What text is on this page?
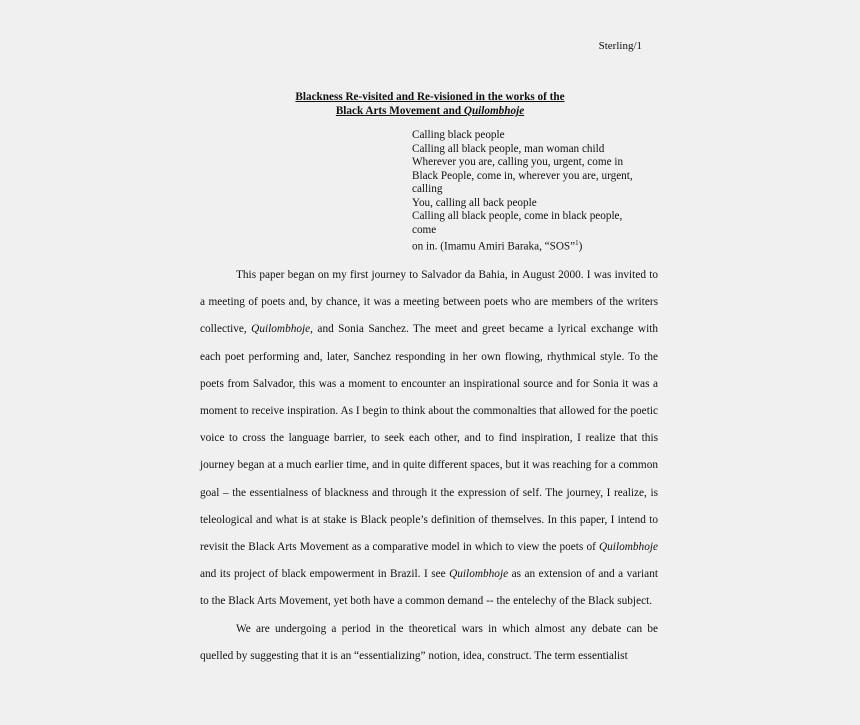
Sterling/1
Blackness Re-visited and Re-visioned in the works of the
Black Arts Movement and Quilombhoje
Calling black people
Calling all black people, man woman child
Wherever you are, calling you, urgent, come in
Black People, come in, wherever you are, urgent,
calling
You, calling all back people
Calling all black people, come in black people,
come
on in. (Imamu Amiri Baraka, “SOS”$^1$)

This paper began on my first journey to Salvador da Bahia, in August 2000. I was invited to a meeting of poets and, by chance, it was a meeting between poets who are members of the writers collective, Quilombhoje, and Sonia Sanchez. The meet and greet became a lyrical exchange with each poet performing and, later, Sanchez responding in her own flowing, rhythmical style. To the poets from Salvador, this was a moment to encounter an inspirational source and for Sonia it was a moment to receive inspiration. As I begin to think about the commonalties that allowed for the poetic voice to cross the language barrier, to seek each other, and to find inspiration, I realize that this journey began at a much earlier time, and in quite different spaces, but it was reaching for a common goal – the essentialness of blackness and through it the expression of self. The journey, I realize, is teleological and what is at stake is Black people’s definition of themselves. In this paper, I intend to revisit the Black Arts Movement as a comparative model in which to view the poets of Quilombhoje and its project of black empowerment in Brazil. I see Quilombhoje as an extension of and a variant to the Black Arts Movement, yet both have a common demand -- the entelechy of the Black subject.

We are undergoing a period in the theoretical wars in which almost any debate can be quelled by suggesting that it is an “essentializing” notion, idea, construct. The term essentialist
